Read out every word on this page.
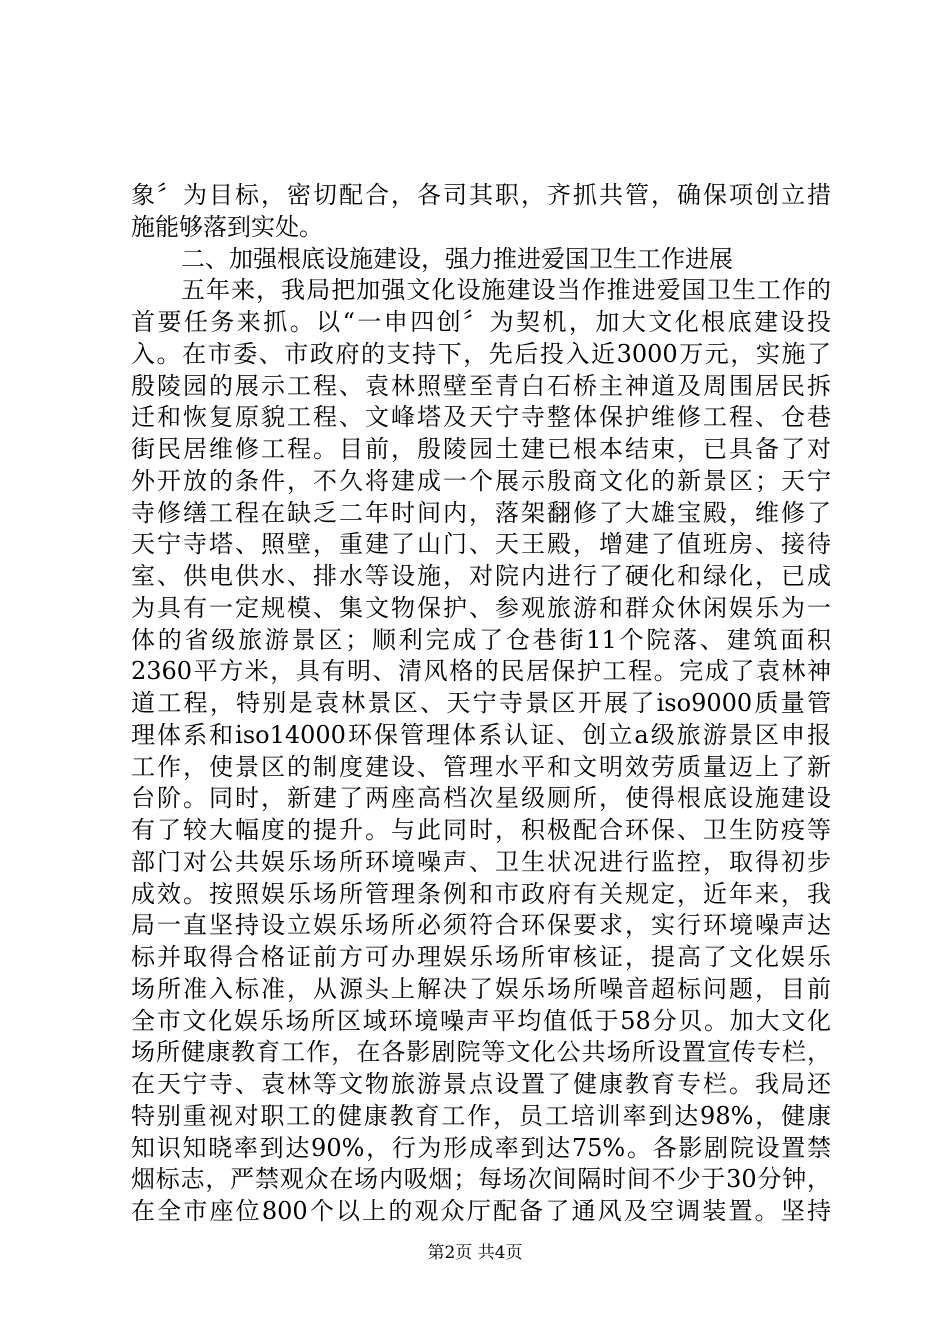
象〞为目标，密切配合，各司其职，齐抓共管，确保项创立措
施能够落到实处。
二、加强根底设施建设，强力推进爱国卫生工作进展
五年来，我局把加强文化设施建设当作推进爱国卫生工作的
首要任务来抓。以“一申四创〞为契机，加大文化根底建设投
入。在市委、市政府的支持下，先后投入近3000万元，实施了
殷陵园的展示工程、袁林照壁至青白石桥主神道及周围居民拆
迁和恢复原貌工程、文峰塔及天宁寺整体保护维修工程、仓巷
街民居维修工程。目前，殷陵园土建已根本结束，已具备了对
外开放的条件，不久将建成一个展示殷商文化的新景区；天宁
寺修缮工程在缺乏二年时间内，落架翻修了大雄宝殿，维修了
天宁寺塔、照壁，重建了山门、天王殿，增建了值班房、接待
室、供电供水、排水等设施，对院内进行了硬化和绿化，已成
为具有一定规模、集文物保护、参观旅游和群众休闲娱乐为一
体的省级旅游景区；顺利完成了仓巷街11个院落、建筑面积
2360平方米，具有明、清风格的民居保护工程。完成了袁林神
道工程，特别是袁林景区、天宁寺景区开展了iso9000质量管
理体系和iso14000环保管理体系认证、创立a级旅游景区申报
工作，使景区的制度建设、管理水平和文明效劳质量迈上了新
台阶。同时，新建了两座高档次星级厕所，使得根底设施建设
有了较大幅度的提升。与此同时，积极配合环保、卫生防疫等
部门对公共娱乐场所环境噪声、卫生状况进行监控，取得初步
成效。按照娱乐场所管理条例和市政府有关规定，近年来，我
局一直坚持设立娱乐场所必须符合环保要求，实行环境噪声达
标并取得合格证前方可办理娱乐场所审核证，提高了文化娱乐
场所准入标准，从源头上解决了娱乐场所噪音超标问题，目前
全市文化娱乐场所区域环境噪声平均值低于58分贝。加大文化
场所健康教育工作，在各影剧院等文化公共场所设置宣传专栏，
在天宁寺、袁林等文物旅游景点设置了健康教育专栏。我局还
特别重视对职工的健康教育工作，员工培训率到达98%，健康
知识知晓率到达90%，行为形成率到达75%。各影剧院设置禁
烟标志，严禁观众在场内吸烟；每场次间隔时间不少于30分钟，
在全市座位800个以上的观众厅配备了通风及空调装置。坚持
第2页 共4页
